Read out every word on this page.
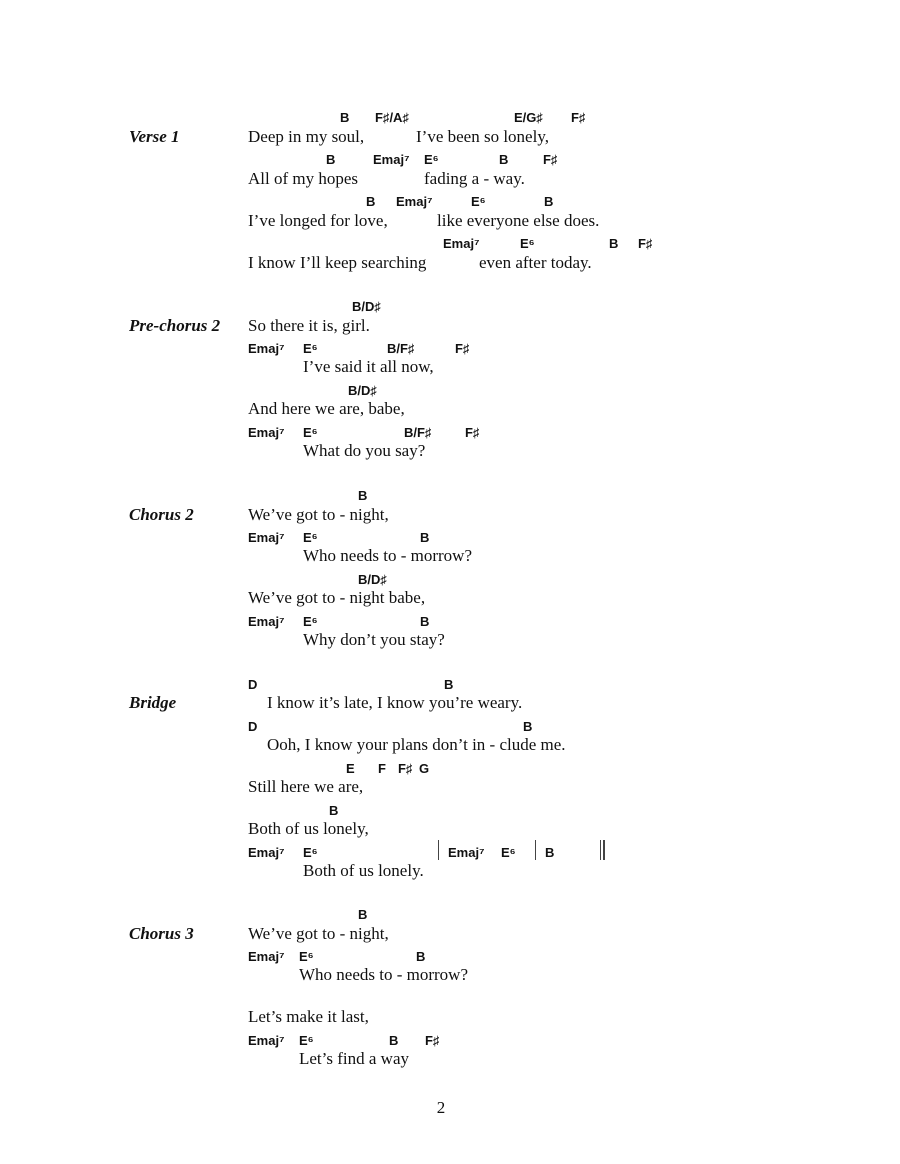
Verse 1
B F♯/A♯	E/G♯ F♯
Deep in my soul,	I’ve been so lonely,
B	Emaj⁷ E⁶	B	F♯
All of my hopes	fading a - way.
B Emaj⁷	E⁶	B
I’ve longed for love,	like everyone else does.
Emaj⁷	E⁶	B F♯
I know I’ll keep searching	even after today.
Pre-chorus 2
B/D♯
So there it is, girl.
Emaj⁷ E⁶	B/F♯	F♯
I’ve said it all now,
B/D♯
And here we are, babe,
Emaj⁷ E⁶	B/F♯	F♯
What do you say?
Chorus 2
B
We’ve got to - night,
Emaj⁷ E⁶	B
Who needs to - morrow?
B/D♯
We’ve got to - night babe,
Emaj⁷ E⁶	B
Why don’t you stay?
Bridge
D	B
I know it’s late, I know you’re weary.
D	B
Ooh, I know your plans don’t in - clude me.
E F F♯ G
Still here we are,
B
Both of us lonely,
Emaj⁷ E⁶	Emaj⁷ E⁶ B
Both of us lonely.
Chorus 3
B
We’ve got to - night,
Emaj⁷ E⁶	B
Who needs to - morrow?
Let’s make it last,
Emaj⁷ E⁶	B F♯
Let’s find a way
2
